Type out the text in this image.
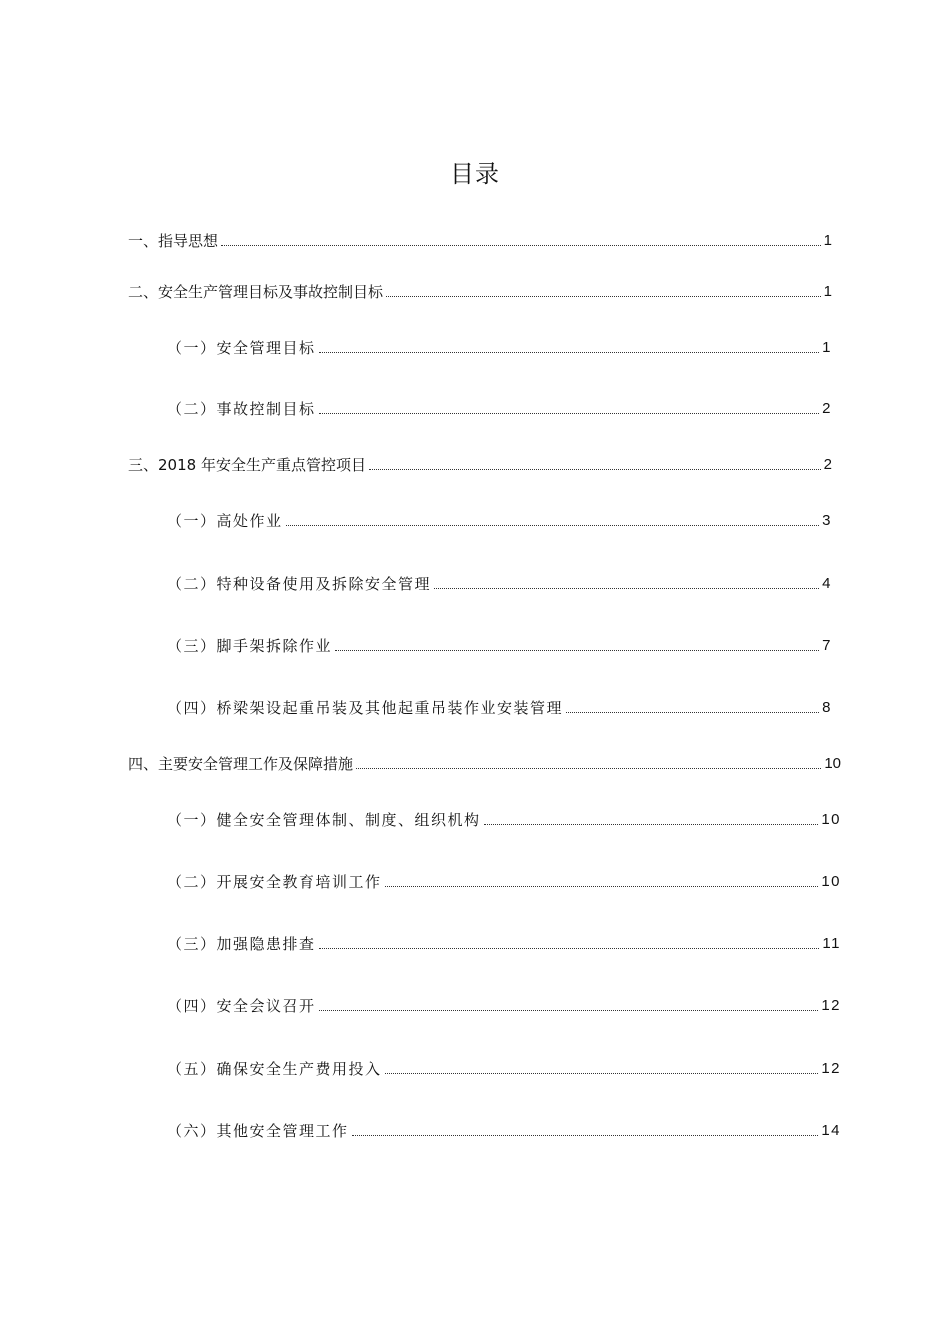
目录
一、指导思想	1
二、安全生产管理目标及事故控制目标	1
（一）安全管理目标	1
（二）事故控制目标	2
三、2018 年安全生产重点管控项目	2
（一）高处作业	3
（二）特种设备使用及拆除安全管理	4
（三）脚手架拆除作业	7
（四）桥梁架设起重吊装及其他起重吊装作业安装管理	8
四、主要安全管理工作及保障措施	10
（一）健全安全管理体制、制度、组织机构	10
（二）开展安全教育培训工作	10
（三）加强隐患排查	11
（四）安全会议召开	12
（五）确保安全生产费用投入	12
（六）其他安全管理工作	14
